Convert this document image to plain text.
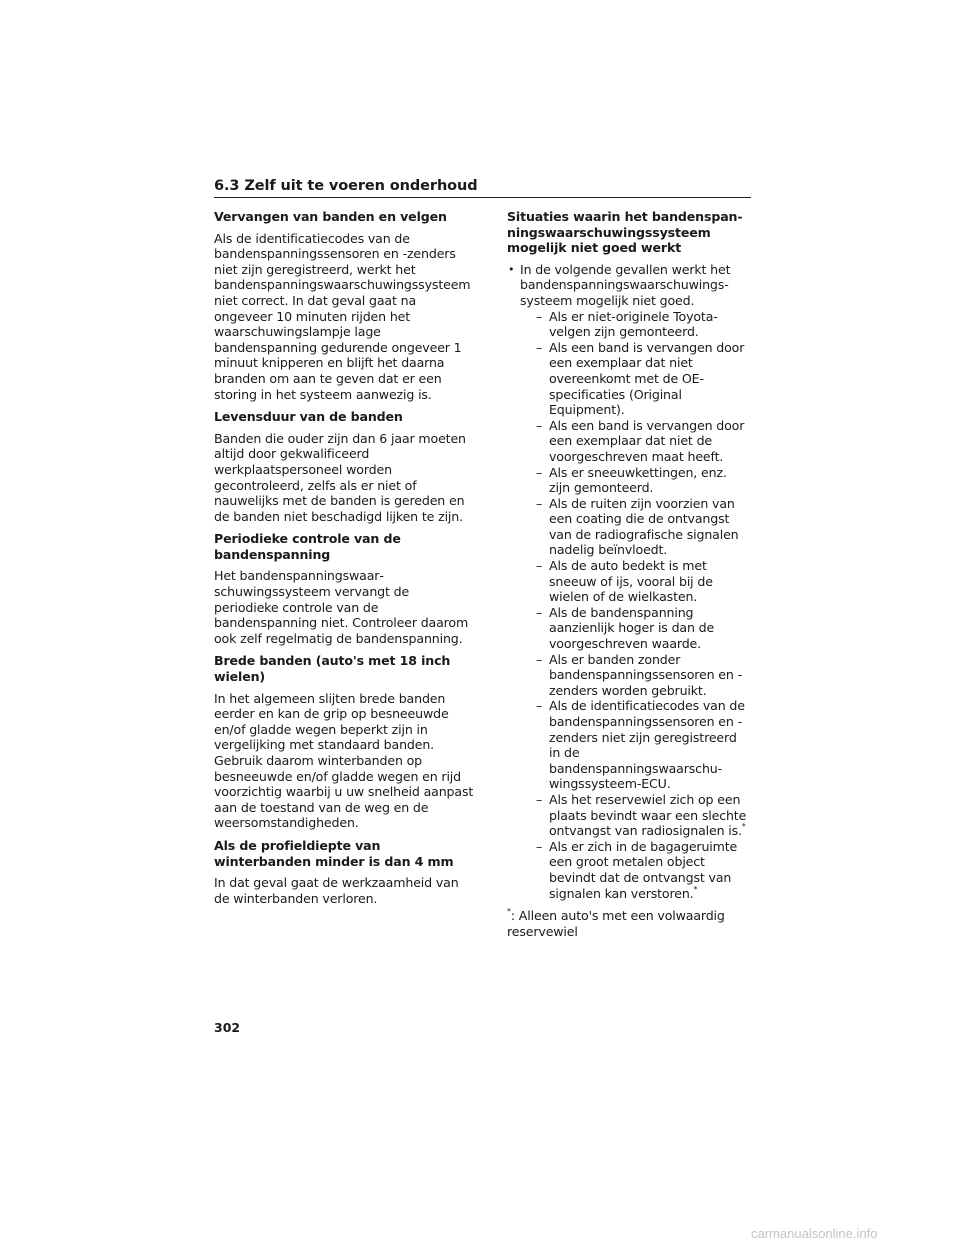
6.3 Zelf uit te voeren onderhoud
Vervangen van banden en velgen
Als de identificatiecodes van de bandenspanningssensoren en -zenders niet zijn geregistreerd, werkt het bandenspanningswaarschuwingssysteem niet correct. In dat geval gaat na ongeveer 10 minuten rijden het waarschuwingslampje lage bandenspanning gedurende ongeveer 1 minuut knipperen en blijft het daarna branden om aan te geven dat er een storing in het systeem aanwezig is.
Levensduur van de banden
Banden die ouder zijn dan 6 jaar moeten altijd door gekwalificeerd werkplaatspersoneel worden gecontroleerd, zelfs als er niet of nauwelijks met de banden is gereden en de banden niet beschadigd lijken te zijn.
Periodieke controle van de bandenspanning
Het bandenspanningswaarschuwingssysteem vervangt de periodieke controle van de bandenspanning niet. Controleer daarom ook zelf regelmatig de bandenspanning.
Brede banden (auto's met 18 inch wielen)
In het algemeen slijten brede banden eerder en kan de grip op besneeuwde en/of gladde wegen beperkt zijn in vergelijking met standaard banden. Gebruik daarom winterbanden op besneeuwde en/of gladde wegen en rijd voorzichtig waarbij u uw snelheid aanpast aan de toestand van de weg en de weersomstandigheden.
Als de profieldiepte van winterbanden minder is dan 4 mm
In dat geval gaat de werkzaamheid van de winterbanden verloren.
Situaties waarin het bandenspanningswaarschuwingssysteem mogelijk niet goed werkt
• In de volgende gevallen werkt het bandenspanningswaarschuwingssysteem mogelijk niet goed.
– Als er niet-originele Toyota-velgen zijn gemonteerd.
– Als een band is vervangen door een exemplaar dat niet overeenkomt met de OE-specificaties (Original Equipment).
– Als een band is vervangen door een exemplaar dat niet de voorgeschreven maat heeft.
– Als er sneeuwkettingen, enz. zijn gemonteerd.
– Als de ruiten zijn voorzien van een coating die de ontvangst van de radiografische signalen nadelig beïnvloedt.
– Als de auto bedekt is met sneeuw of ijs, vooral bij de wielen of de wielkasten.
– Als de bandenspanning aanzienlijk hoger is dan de voorgeschreven waarde.
– Als er banden zonder bandenspanningssensoren en -zenders worden gebruikt.
– Als de identificatiecodes van de bandenspanningssensoren en -zenders niet zijn geregistreerd in de bandenspanningswaarschuwingssysteem-ECU.
– Als het reservewiel zich op een plaats bevindt waar een slechte ontvangst van radiosignalen is.*
– Als er zich in de bagageruimte een groot metalen object bevindt dat de ontvangst van signalen kan verstoren.*
*: Alleen auto's met een volwaardig reservewiel
302
carmanualsonline.info
